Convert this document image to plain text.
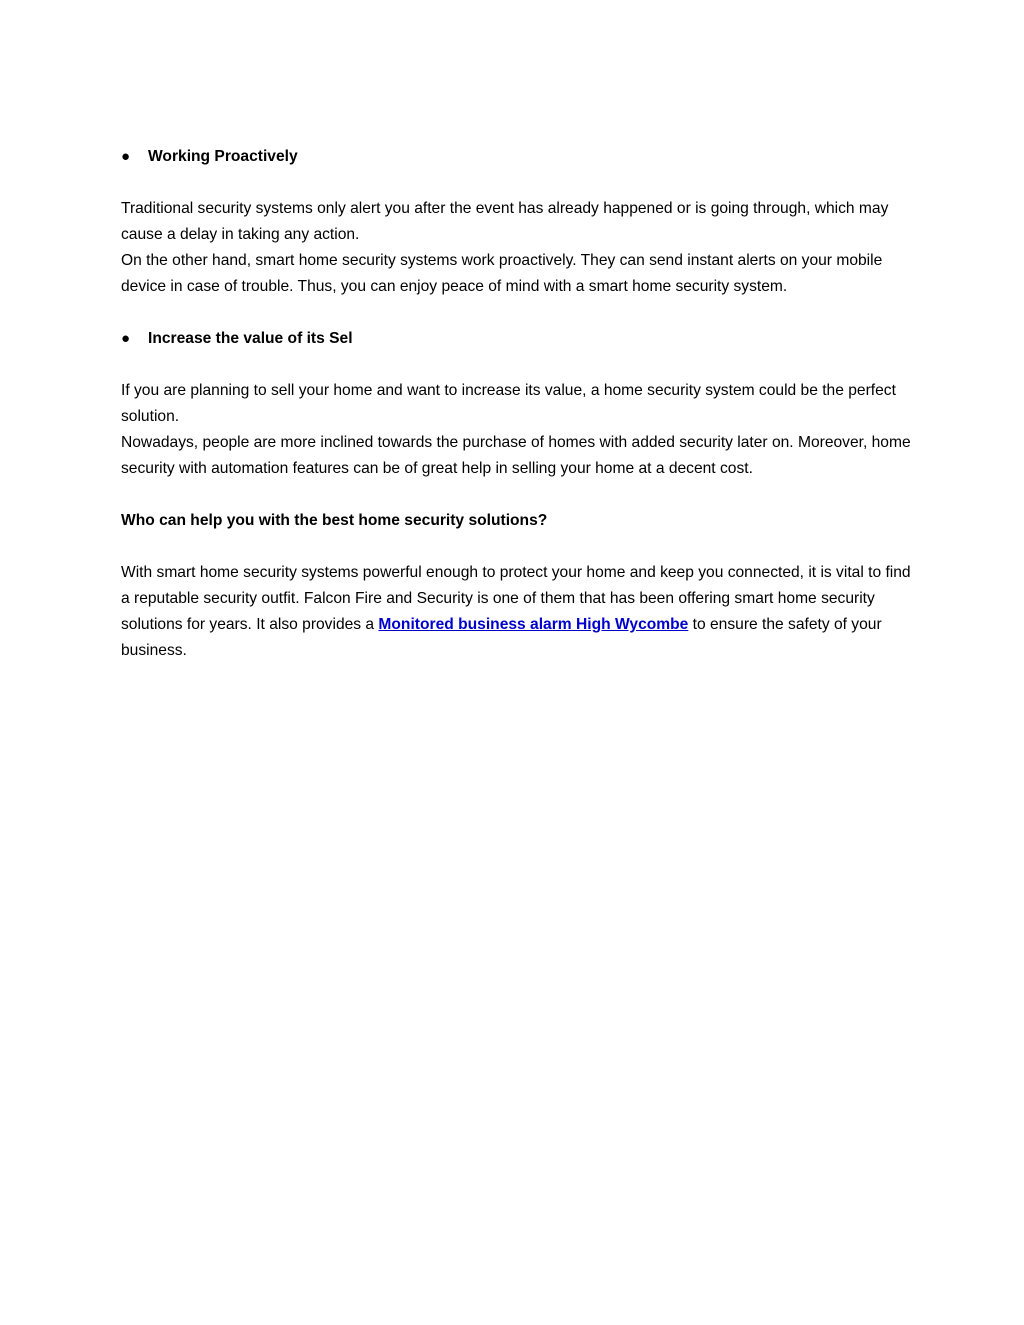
●	Working Proactively

Traditional security systems only alert you after the event has already happened or is going through, which may cause a delay in taking any action.

On the other hand, smart home security systems work proactively. They can send instant alerts on your mobile device in case of trouble. Thus, you can enjoy peace of mind with a smart home security system.

●	Increase the value of its Sel

If you are planning to sell your home and want to increase its value, a home security system could be the perfect solution.

Nowadays, people are more inclined towards the purchase of homes with added security later on. Moreover, home security with automation features can be of great help in selling your home at a decent cost.

Who can help you with the best home security solutions?

With smart home security systems powerful enough to protect your home and keep you connected, it is vital to find a reputable security outfit. Falcon Fire and Security is one of them that has been offering smart home security solutions for years. It also provides a Monitored business alarm High Wycombe to ensure the safety of your business.
